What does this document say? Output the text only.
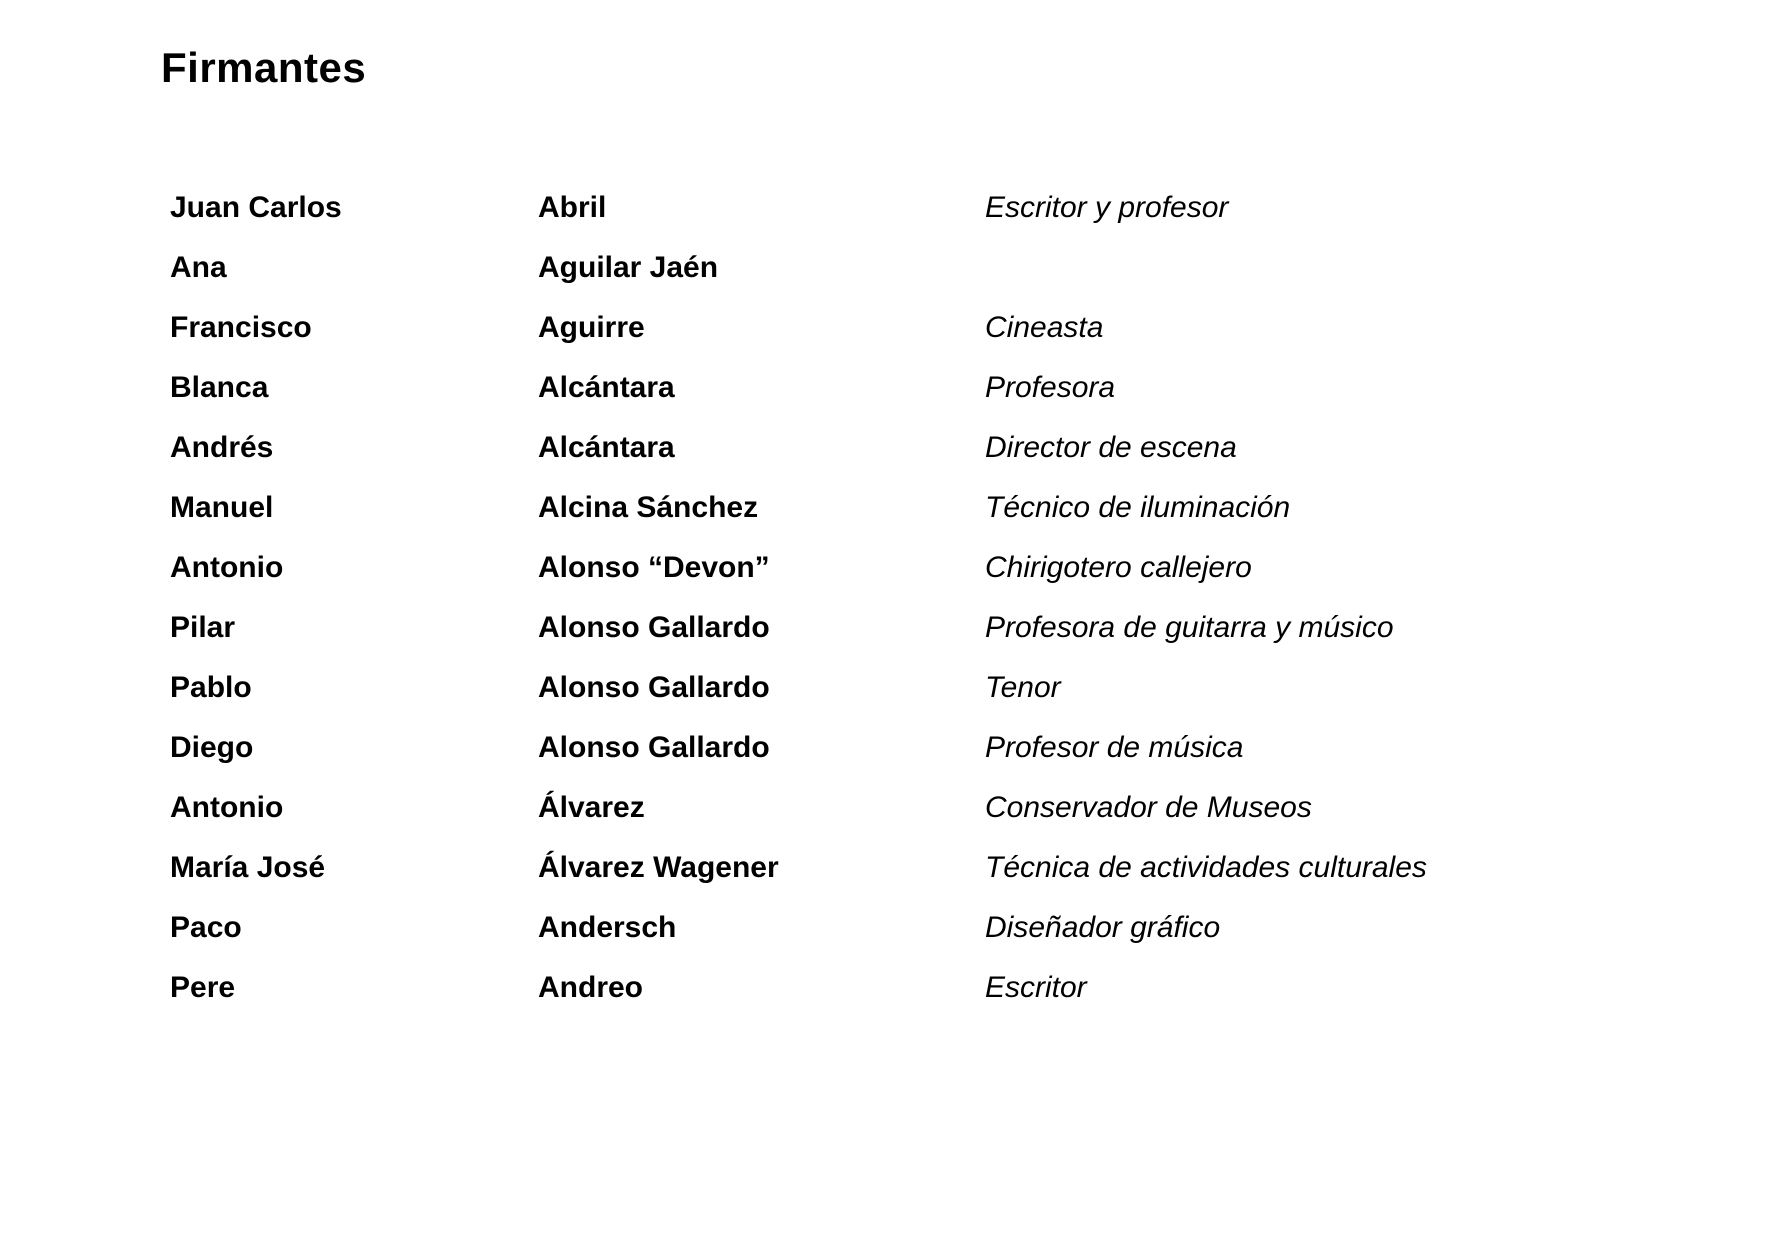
Firmantes
Juan Carlos	Abril	Escritor y profesor
Ana	Aguilar Jaén
Francisco	Aguirre	Cineasta
Blanca	Alcántara	Profesora
Andrés	Alcántara	Director de escena
Manuel	Alcina Sánchez	Técnico de iluminación
Antonio	Alonso “Devon”	Chirigotero callejero
Pilar	Alonso Gallardo	Profesora de guitarra y músico
Pablo	Alonso Gallardo	Tenor
Diego	Alonso Gallardo	Profesor de música
Antonio	Álvarez	Conservador de Museos
María José	Álvarez Wagener	Técnica de actividades culturales
Paco	Andersch	Diseñador gráfico
Pere	Andreo	Escritor
